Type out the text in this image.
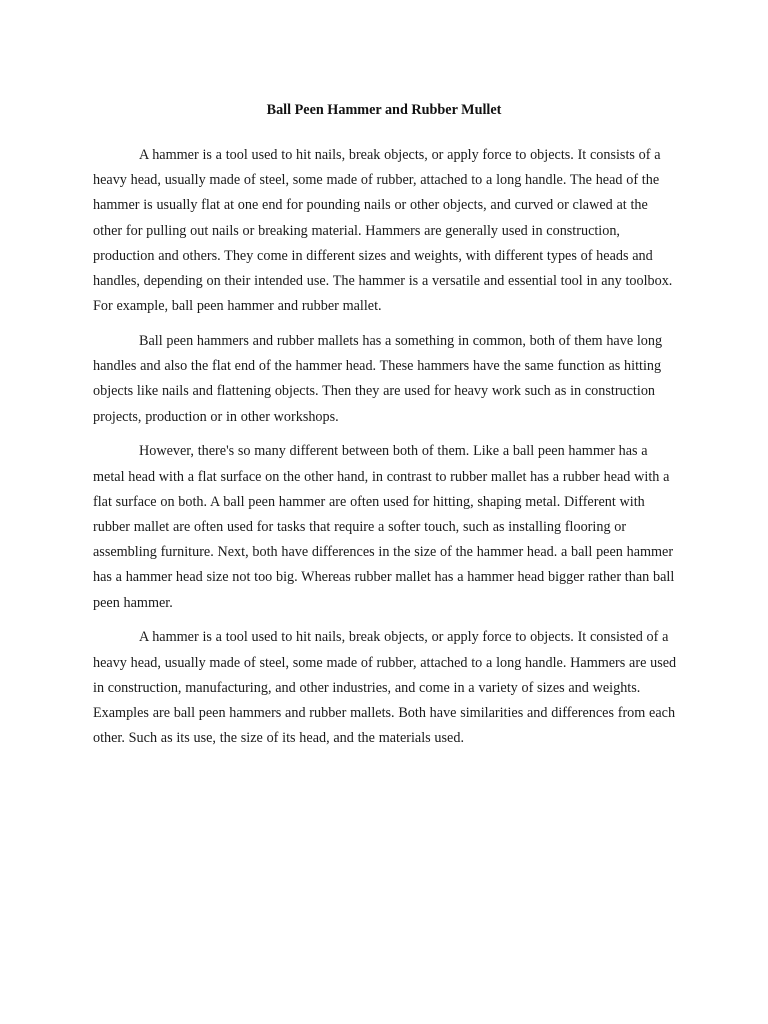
Ball Peen Hammer and Rubber Mullet

A hammer is a tool used to hit nails, break objects, or apply force to objects. It consists of a heavy head, usually made of steel, some made of rubber, attached to a long handle. The head of the hammer is usually flat at one end for pounding nails or other objects, and curved or clawed at the other for pulling out nails or breaking material. Hammers are generally used in construction, production and others. They come in different sizes and weights, with different types of heads and handles, depending on their intended use. The hammer is a versatile and essential tool in any toolbox. For example, ball peen hammer and rubber mallet.

Ball peen hammers and rubber mallets has a something in common, both of them have long handles and also the flat end of the hammer head. These hammers have the same function as hitting objects like nails and flattening objects. Then they are used for heavy work such as in construction projects, production or in other workshops.

However, there's so many different between both of them. Like a ball peen hammer has a metal head with a flat surface on the other hand, in contrast to rubber mallet has a rubber head with a flat surface on both. A ball peen hammer are often used for hitting, shaping metal. Different with rubber mallet are often used for tasks that require a softer touch, such as installing flooring or assembling furniture. Next, both have differences in the size of the hammer head. a ball peen hammer has a hammer head size not too big. Whereas rubber mallet has a hammer head bigger rather than ball peen hammer.

A hammer is a tool used to hit nails, break objects, or apply force to objects. It consisted of a heavy head, usually made of steel, some made of rubber, attached to a long handle. Hammers are used in construction, manufacturing, and other industries, and come in a variety of sizes and weights. Examples are ball peen hammers and rubber mallets. Both have similarities and differences from each other. Such as its use, the size of its head, and the materials used.
